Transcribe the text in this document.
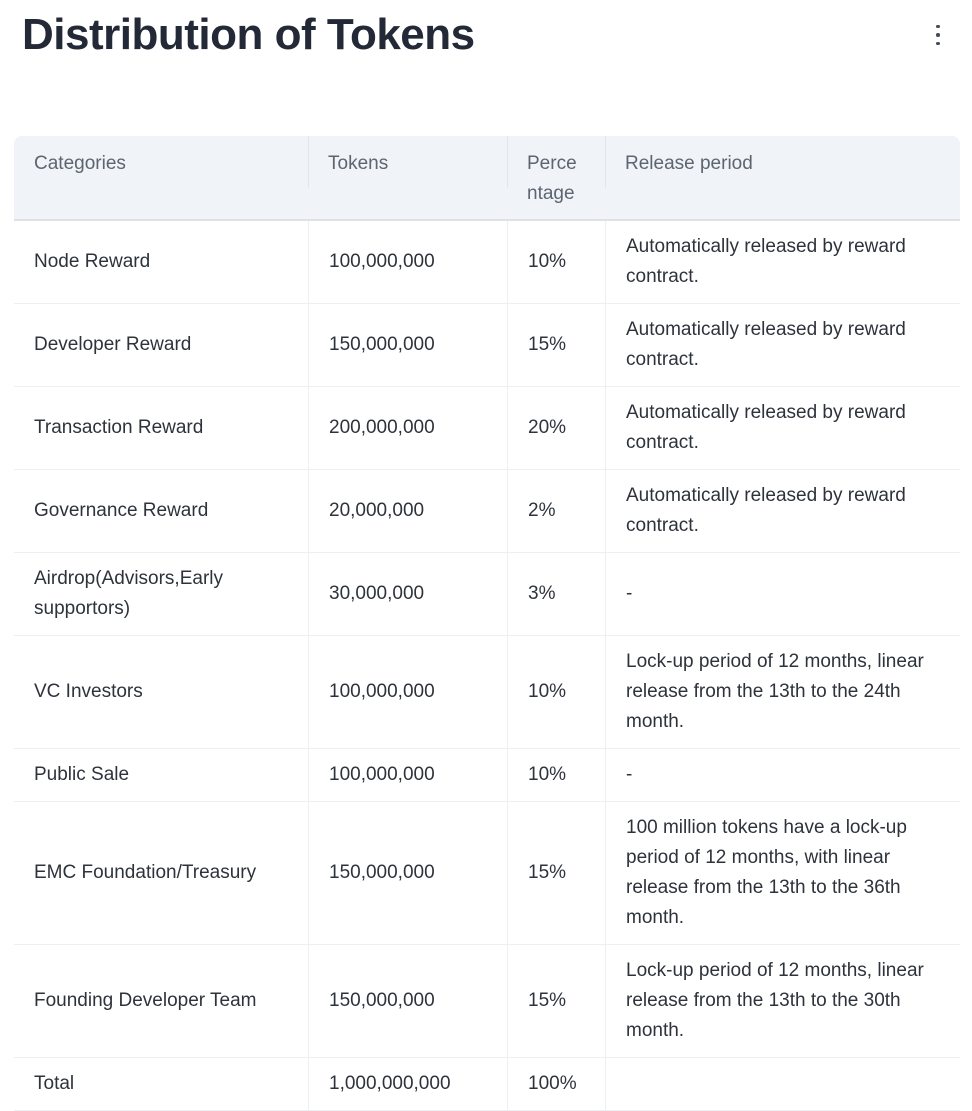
Distribution of Tokens
Categories	Tokens	Percentage	Release period
Node Reward	100,000,000	10%	Automatically released by reward contract.
Developer Reward	150,000,000	15%	Automatically released by reward contract.
Transaction Reward	200,000,000	20%	Automatically released by reward contract.
Governance Reward	20,000,000	2%	Automatically released by reward contract.
Airdrop(Advisors,Early supportors)	30,000,000	3%	-
VC Investors	100,000,000	10%	Lock-up period of 12 months, linear release from the 13th to the 24th month.
Public Sale	100,000,000	10%	-
EMC Foundation/Treasury	150,000,000	15%	100 million tokens have a lock-up period of 12 months, with linear release from the 13th to the 36th month.
Founding Developer Team	150,000,000	15%	Lock-up period of 12 months, linear release from the 13th to the 30th month.
Total	1,000,000,000	100%	
